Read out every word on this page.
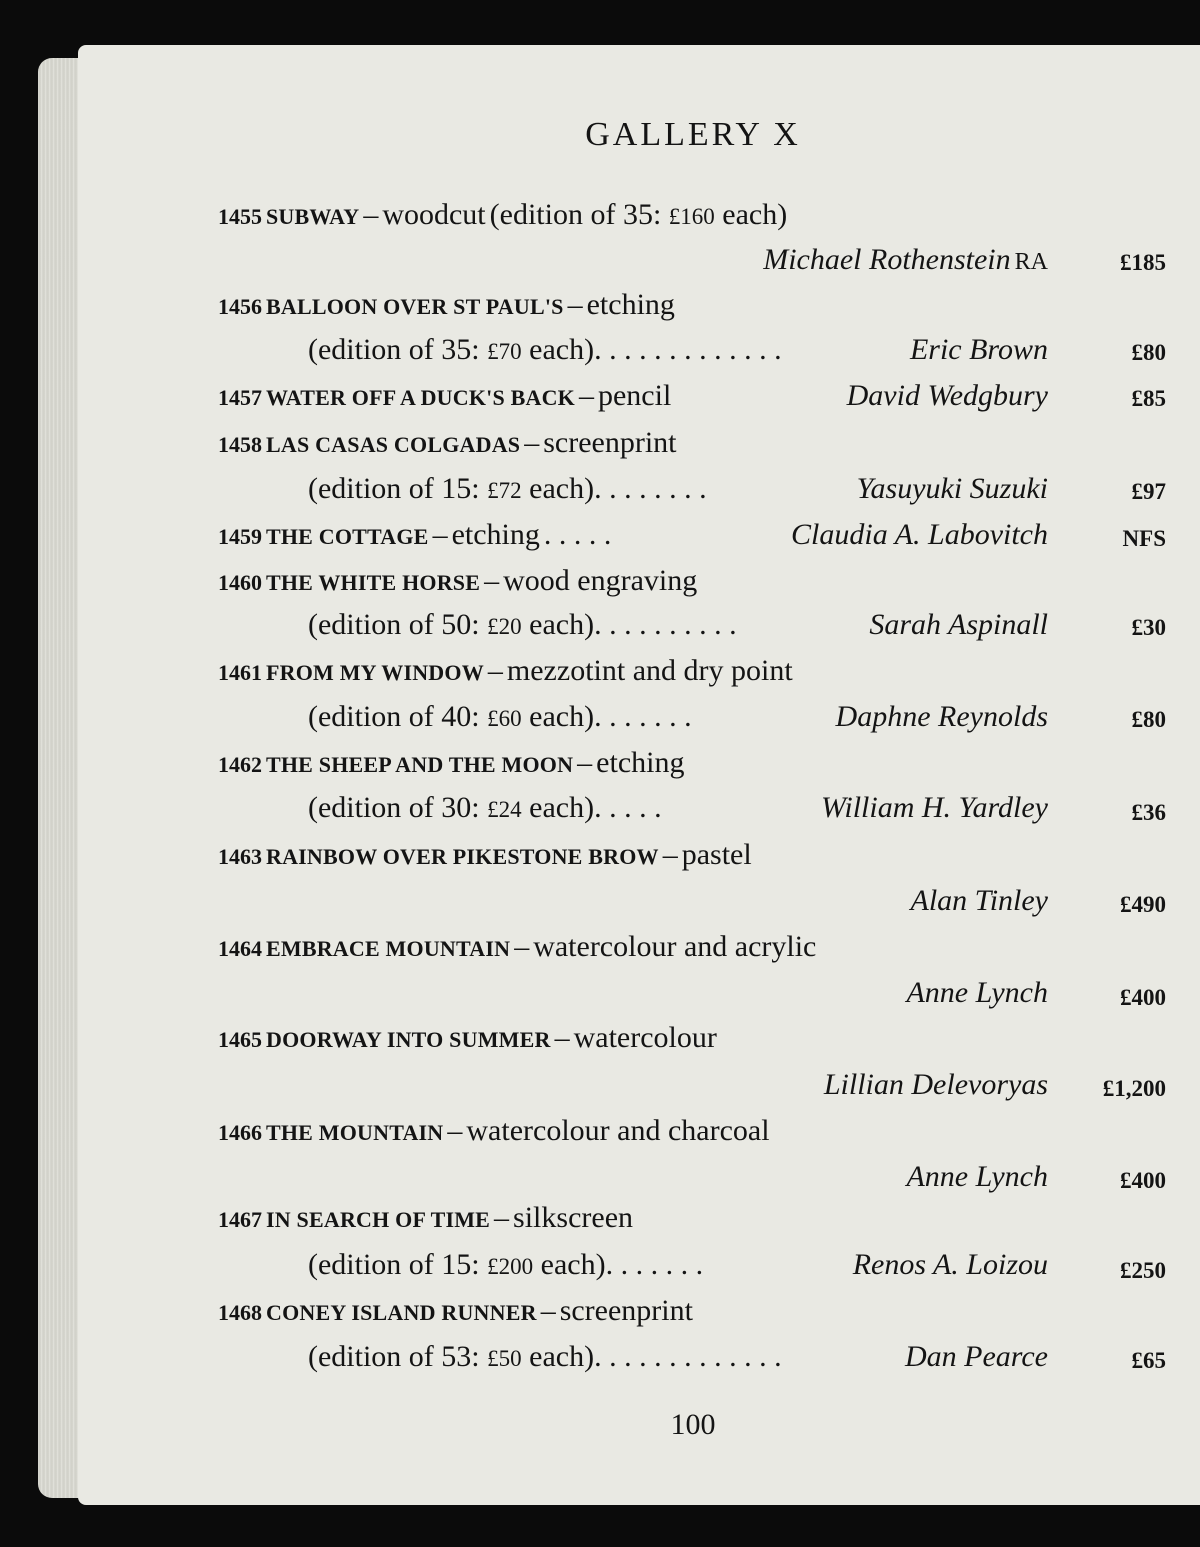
GALLERY X
1455 SUBWAY – woodcut (edition of 35: £160 each)
Michael Rothenstein RA	£185
1456 BALLOON OVER ST PAUL'S – etching
(edition of 35: £70 each). . . . . . . . . . . . .	Eric Brown	£80
1457 WATER OFF A DUCK'S BACK – pencil	David Wedgbury	£85
1458 LAS CASAS COLGADAS – screenprint
(edition of 15: £72 each). . . . . . . .	Yasuyuki Suzuki	£97
1459 THE COTTAGE – etching . . . . .	Claudia A. Labovitch	NFS
1460 THE WHITE HORSE – wood engraving
(edition of 50: £20 each). . . . . . . . . .	Sarah Aspinall	£30
1461 FROM MY WINDOW – mezzotint and dry point
(edition of 40: £60 each). . . . . . .	Daphne Reynolds	£80
1462 THE SHEEP AND THE MOON – etching
(edition of 30: £24 each). . . . .	William H. Yardley	£36
1463 RAINBOW OVER PIKESTONE BROW – pastel
Alan Tinley	£490
1464 EMBRACE MOUNTAIN – watercolour and acrylic
Anne Lynch	£400
1465 DOORWAY INTO SUMMER – watercolour
Lillian Delevoryas	£1,200
1466 THE MOUNTAIN – watercolour and charcoal
Anne Lynch	£400
1467 IN SEARCH OF TIME – silkscreen
(edition of 15: £200 each). . . . . . .	Renos A. Loizou	£250
1468 CONEY ISLAND RUNNER – screenprint
(edition of 53: £50 each). . . . . . . . . . . . .	Dan Pearce	£65
100
